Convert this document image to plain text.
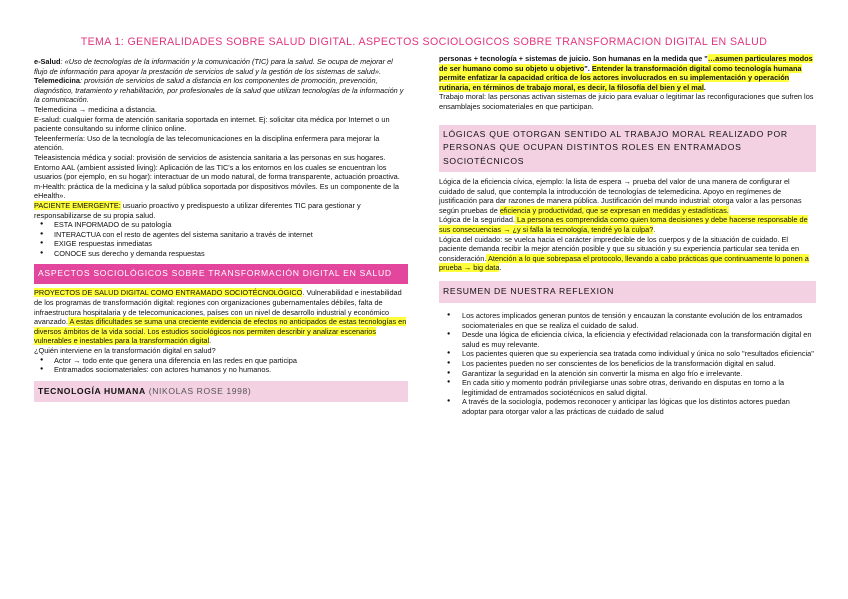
TEMA 1: GENERALIDADES SOBRE SALUD DIGITAL. ASPECTOS SOCIOLOGICOS SOBRE TRANSFORMACION DIGITAL EN SALUD

e-Salud: «Uso de tecnologías de la información y la comunicación (TIC) para la salud. Se ocupa de mejorar el flujo de información para apoyar la prestación de servicios de salud y la gestión de los sistemas de salud».

Telemedicina: provisión de servicios de salud a distancia en los componentes de promoción, prevención, diagnóstico, tratamiento y rehabilitación, por profesionales de la salud que utilizan tecnologías de la información y la comunicación.

Telemedicina → medicina a distancia.

E-salud: cualquier forma de atención sanitaria soportada en internet. Ej: solicitar cita médica por Internet o un paciente consultando su informe clínico online.

Teleenfermería: Uso de la tecnología de las telecomunicaciones en la disciplina enfermera para mejorar la atención.

Teleasistencia médica y social: provisión de servicios de asistencia sanitaria a las personas en sus hogares.

Entorno AAL (ambient assisted living): Aplicación de las TIC's a los entornos en los cuales se encuentran los usuarios (por ejemplo, en su hogar): interactuar de un modo natural, de forma transparente, actuación proactiva.

m-Health: práctica de la medicina y la salud pública soportada por dispositivos móviles. Es un componente de la eHealth».

PACIENTE EMERGENTE: usuario proactivo y predispuesto a utilizar diferentes TIC para gestionar y responsabilizarse de su propia salud.

● ESTA INFORMADO de su patología
● INTERACTUA con el resto de agentes del sistema sanitario a través de internet
● EXIGE respuestas inmediatas
● CONOCE sus derecho y demanda respuestas
ASPECTOS SOCIOLÓGICOS SOBRE TRANSFORMACIÓN DIGITAL EN SALUD

PROYECTOS DE SALUD DIGITAL COMO ENTRAMADO SOCIOTÉCNOLÓGICO. Vulnerabilidad e inestabilidad de los programas de transformación digital: regiones con organizaciones gubernamentales débiles, falta de infraestructura hospitalaria y de telecomunicaciones, países con un nivel de desarrollo industrial y económico avanzado. A estas dificultades se suma una creciente evidencia de efectos no anticipados de estas tecnologías en diversos ámbitos de la vida social. Los estudios sociológicos nos permiten describir y analizar escenarios vulnerables e inestables para la transformación digital.

¿Quién interviene en la transformación digital en salud?

● Actor → todo ente que genera una diferencia en las redes en que participa
● Entramados sociomateriales: con actores humanos y no humanos.
TECNOLOGÍA HUMANA (NIKOLAS ROSE 1998)

personas + tecnología + sistemas de juicio. Son humanas en la medida que "…asumen particulares modos de ser humano como su objeto u objetivo". Entender la transformación digital como tecnología humana permite enfatizar la capacidad crítica de los actores involucrados en su implementación y operación rutinaria, en términos de trabajo moral, es decir, la filosofía del bien y el mal.

Trabajo moral: las personas activan sistemas de juicio para evaluar o legitimar las reconfiguraciones que sufren los ensamblajes sociomateriales en que participan.

LÓGICAS QUE OTORGAN SENTIDO AL TRABAJO MORAL REALIZADO POR PERSONAS QUE OCUPAN DISTINTOS ROLES EN ENTRAMADOS SOCIOTÉCNICOS

Lógica de la eficiencia cívica, ejemplo: la lista de espera → prueba del valor de una manera de configurar el cuidado de salud, que contempla la introducción de tecnologías de telemedicina. Apoyo en regímenes de justificación para dar razones de manera pública. Justificación del mundo industrial: otorga valor a las personas según pruebas de eficiencia y productividad, que se expresan en medidas y estadísticas.

Lógica de la seguridad. La persona es comprendida como quien toma decisiones y debe hacerse responsable de sus consecuencias → ¿y si falla la tecnología, tendré yo la culpa?.

Lógica del cuidado: se vuelca hacia el carácter impredecible de los cuerpos y de la situación de cuidado. El paciente demanda recibir la mejor atención posible y que su situación y su experiencia particular sea tenida en consideración. Atención a lo que sobrepasa el protocolo, llevando a cabo prácticas que continuamente lo ponen a prueba → big data.

RESUMEN DE NUESTRA REFLEXION
● Los actores implicados generan puntos de tensión y encauzan la constante evolución de los entramados sociomateriales en que se realiza el cuidado de salud.
● Desde una lógica de eficiencia cívica, la eficiencia y efectividad relacionada con la transformación digital en salud es muy relevante.
● Los pacientes quieren que su experiencia sea tratada como individual y única no solo "resultados eficiencia"
● Los pacientes pueden no ser conscientes de los beneficios de la transformación digital en salud.
● Garantizar la seguridad en la atención sin convertir la misma en algo frío e irrelevante.
● En cada sitio y momento podrán privilegiarse unas sobre otras, derivando en disputas en torno a la legitimidad de entramados sociotécnicos en salud digital.
● A través de la sociología, podemos reconocer y anticipar las lógicas que los distintos actores puedan adoptar para otorgar valor a las prácticas de cuidado de salud
